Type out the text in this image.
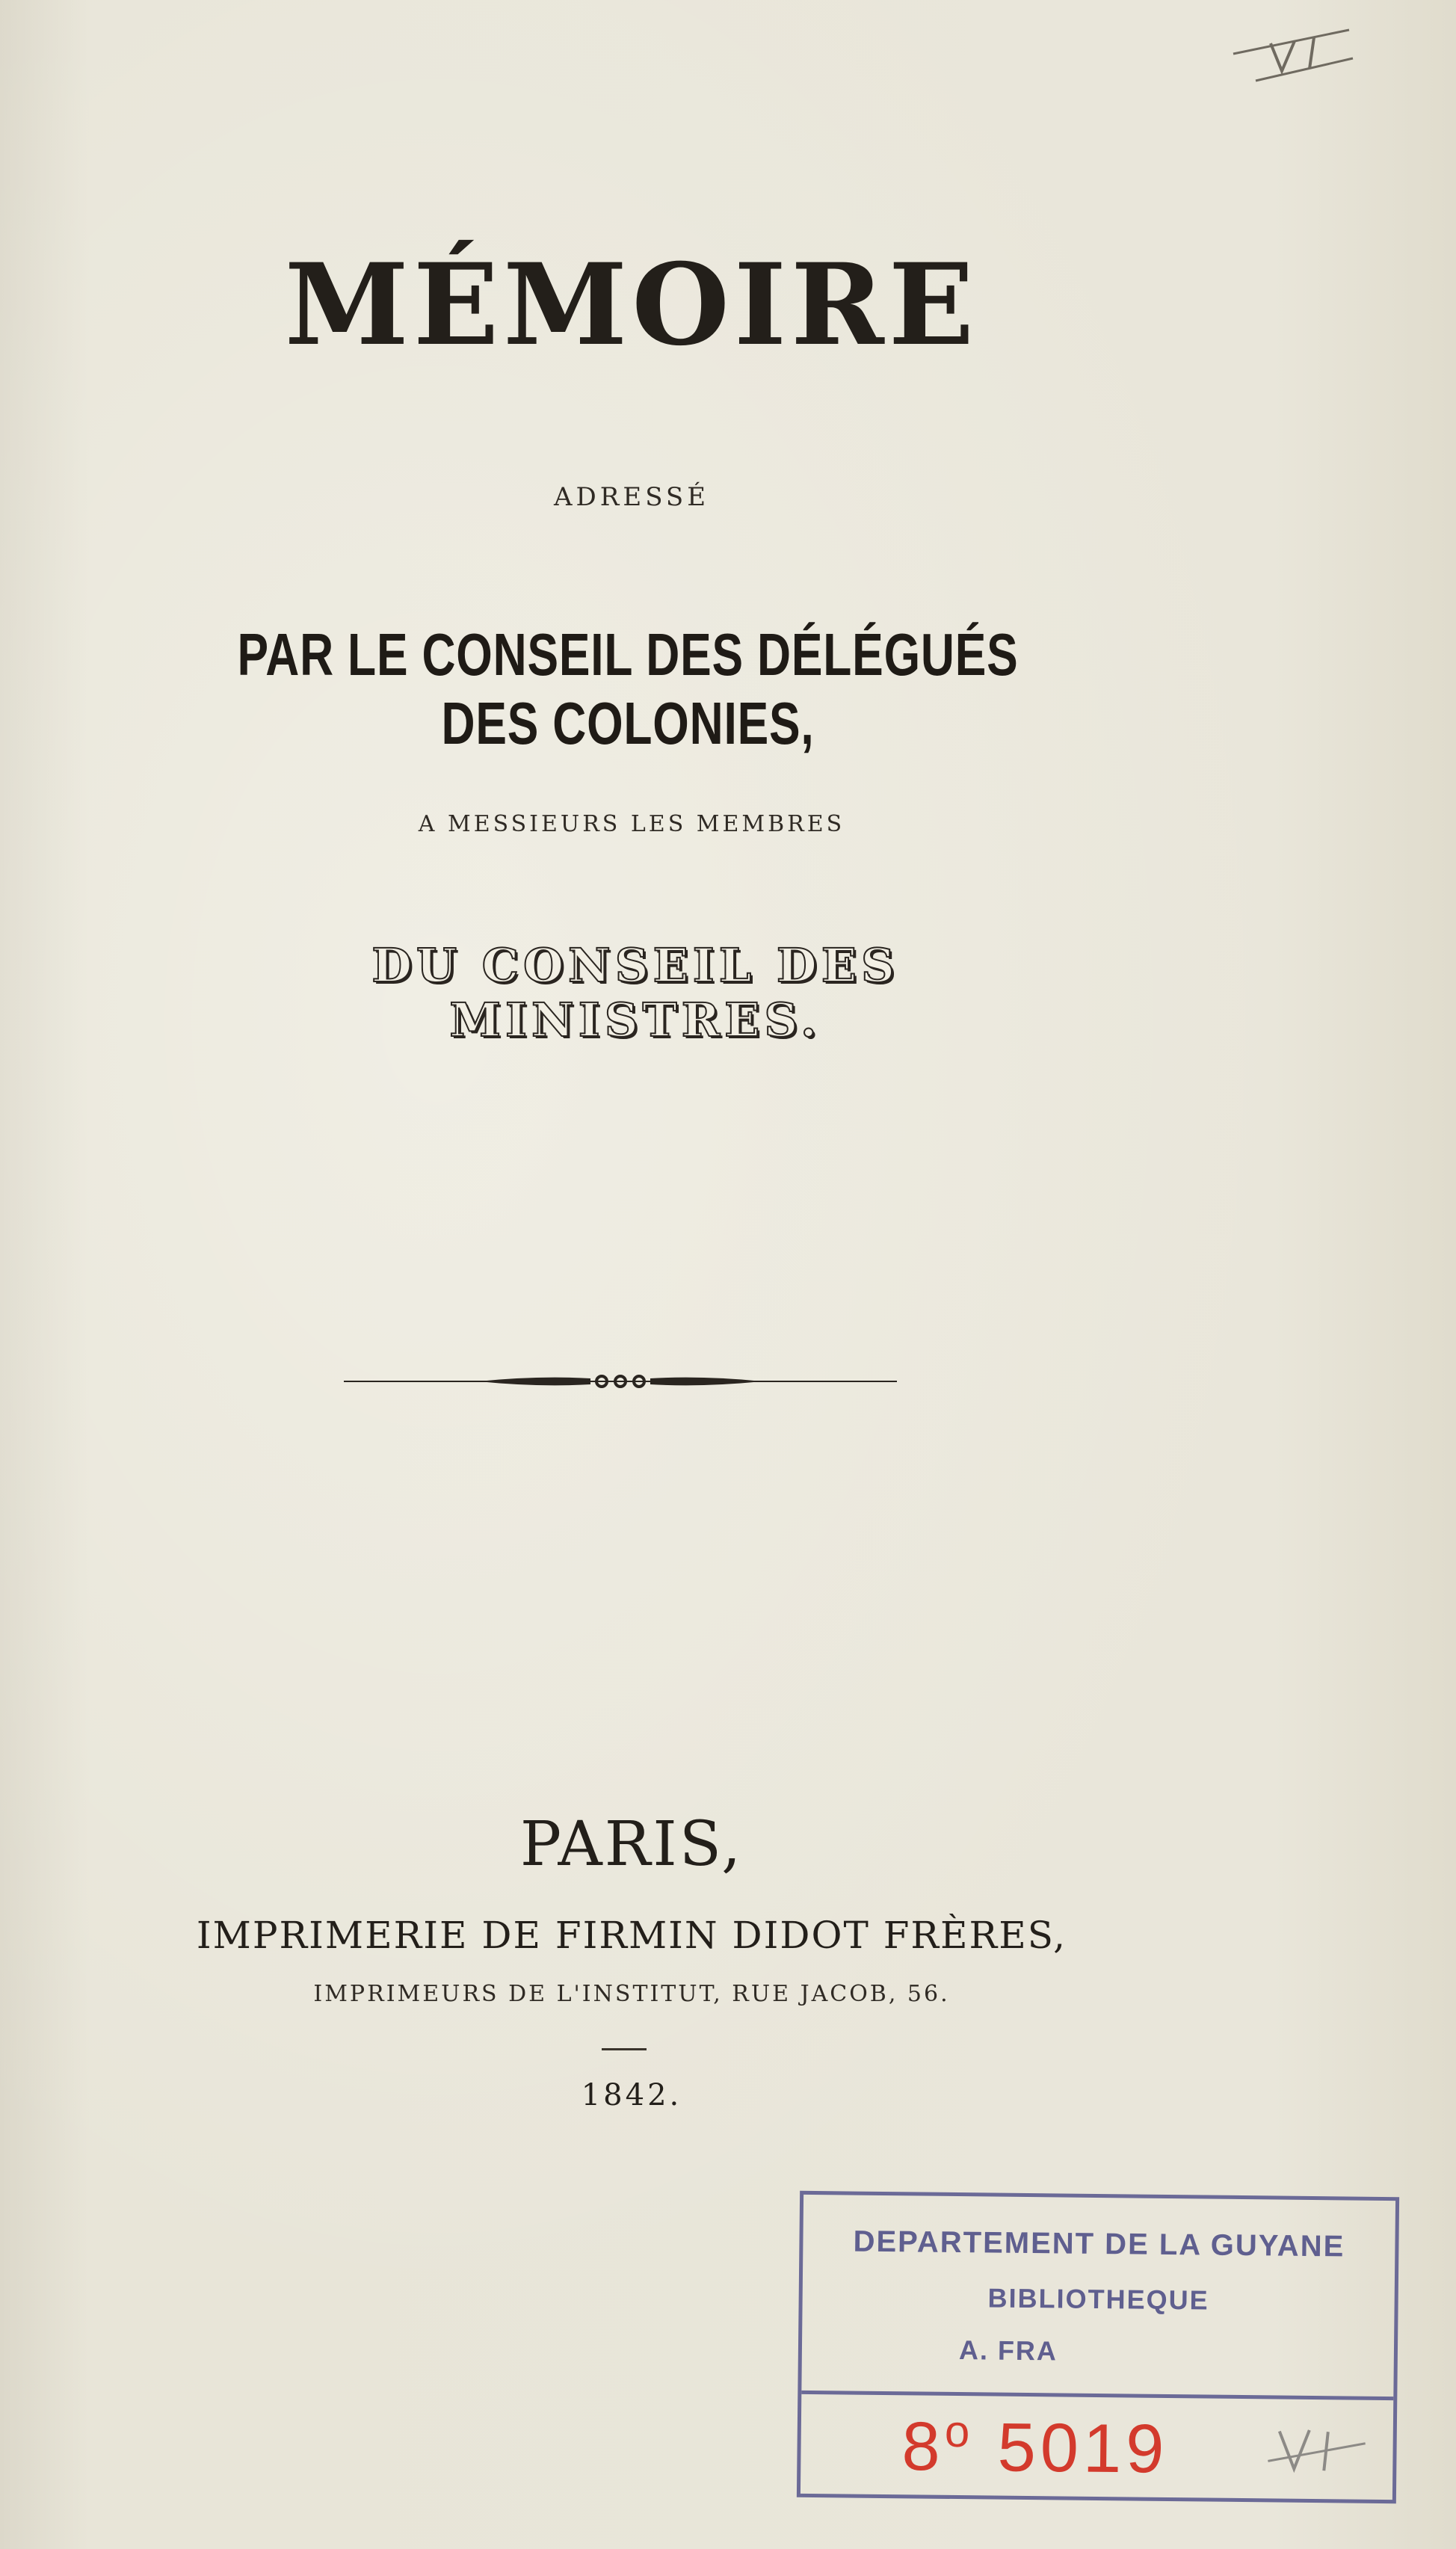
MÉMOIRE
ADRESSÉ
PAR LE CONSEIL DES DÉLÉGUÉS DES COLONIES,
A MESSIEURS LES MEMBRES
DU CONSEIL DES MINISTRES.
PARIS,
IMPRIMERIE DE FIRMIN DIDOT FRÈRES,
IMPRIMEURS DE L'INSTITUT, RUE JACOB, 56.
1842.
DEPARTEMENT DE LA GUYANE
BIBLIOTHEQUE
A. FRA
8$^o$ 5019
